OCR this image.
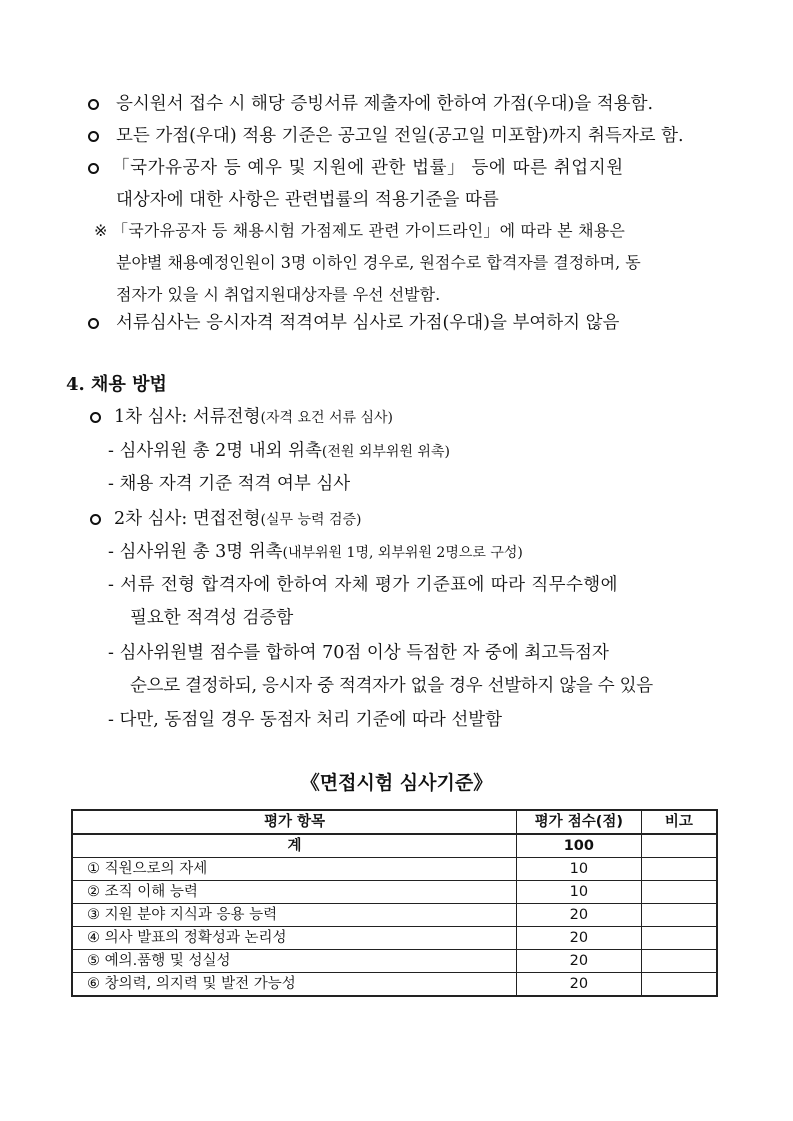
응시원서 접수 시 해당 증빙서류 제출자에 한하여 가점(우대)을 적용함.
모든 가점(우대) 적용 기준은 공고일 전일(공고일 미포함)까지 취득자로 함.
「국가유공자 등 예우 및 지원에 관한 법률」 등에 따른 취업지원
대상자에 대한 사항은 관련법률의 적용기준을 따름
※ 「국가유공자 등 채용시험 가점제도 관련 가이드라인」에 따라 본 채용은
분야별 채용예정인원이 3명 이하인 경우로, 원점수로 합격자를 결정하며, 동
점자가 있을 시 취업지원대상자를 우선 선발함.
서류심사는 응시자격 적격여부 심사로 가점(우대)을 부여하지 않음
4. 채용 방법
1차 심사: 서류전형(자격 요건 서류 심사)
- 심사위원 총 2명 내외 위촉(전원 외부위원 위촉)
- 채용 자격 기준 적격 여부 심사
2차 심사: 면접전형(실무 능력 검증)
- 심사위원 총 3명 위촉(내부위원 1명, 외부위원 2명으로 구성)
- 서류 전형 합격자에 한하여 자체 평가 기준표에 따라 직무수행에
필요한 적격성 검증함
- 심사위원별 점수를 합하여 70점 이상 득점한 자 중에 최고득점자
순으로 결정하되, 응시자 중 적격자가 없을 경우 선발하지 않을 수 있음
- 다만, 동점일 경우 동점자 처리 기준에 따라 선발함
《면접시험 심사기준》
평가 항목	평가 점수(점)	비고
계	100	
① 직원으로의 자세	10	
② 조직 이해 능력	10	
③ 지원 분야 지식과 응용 능력	20	
④ 의사 발표의 정확성과 논리성	20	
⑤ 예의.품행 및 성실성	20	
⑥ 창의력, 의지력 및 발전 가능성	20	
